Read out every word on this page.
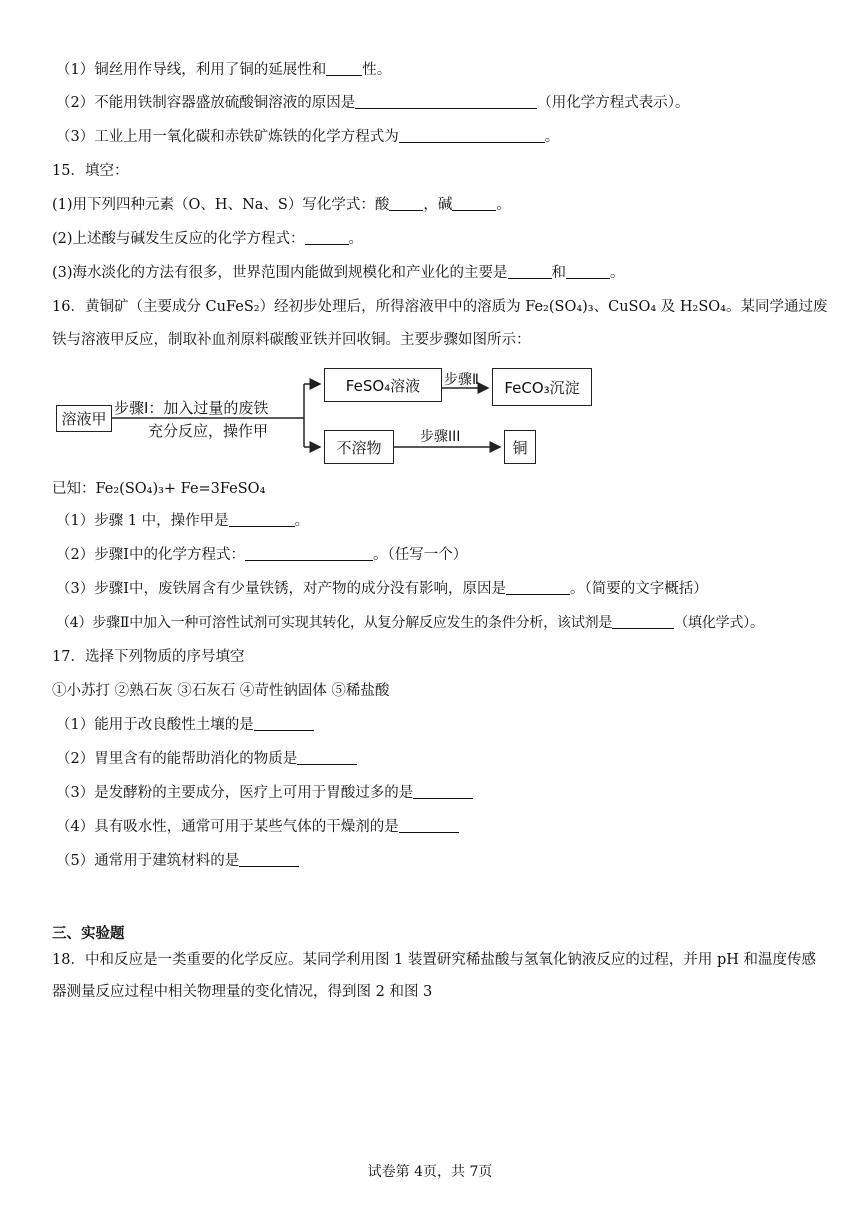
（1）铜丝用作导线，利用了铜的延展性和 性。
（2）不能用铁制容器盛放硫酸铜溶液的原因是	（用化学方程式表示）。
（3）工业上用一氧化碳和赤铁矿炼铁的化学方程式为	。
15．填空：
(1)用下列四种元素（O、H、Na、S）写化学式：酸 ，碱	。
(2)上述酸与碱发生反应的化学方程式：	。
(3)海水淡化的方法有很多，世界范围内能做到规模化和产业化的主要是	和	。
16．黄铜矿（主要成分 CuFeS₂）经初步处理后，所得溶液甲中的溶质为 Fe₂(SO₄)₃、CuSO₄ 及 H₂SO₄。某同学通过废
铁与溶液甲反应，制取补血剂原料碳酸亚铁并回收铜。主要步骤如图所示：
溶液甲
步骤Ⅰ：加入过量的废铁
充分反应，操作甲
FeSO₄溶液	步骤Ⅱ	FeCO₃沉淀
不溶物
步骤III
铜
已知：Fe₂(SO₄)₃+ Fe=3FeSO₄
（1）步骤 1 中，操作甲是	。
（2）步骤Ⅰ中的化学方程式：	。（任写一个）
（3）步骤Ⅰ中，废铁屑含有少量铁锈，对产物的成分没有影响，原因是	。（简要的文字概括）
（4）步骤Ⅱ中加入一种可溶性试剂可实现其转化，从复分解反应发生的条件分析，该试剂是	（填化学式）。
17．选择下列物质的序号填空
①小苏打 ②熟石灰 ③石灰石 ④苛性钠固体 ⑤稀盐酸
（1）能用于改良酸性土壤的是
（2）胃里含有的能帮助消化的物质是
（3）是发酵粉的主要成分，医疗上可用于胃酸过多的是
（4）具有吸水性，通常可用于某些气体的干燥剂的是
（5）通常用于建筑材料的是
三、实验题
18．中和反应是一类重要的化学反应。某同学利用图 1 装置研究稀盐酸与氢氧化钠液反应的过程，并用 pH 和温度传感器测量反应过程中相关物理量的变化情况，得到图 2 和图 3
试卷第 4页，共 7页
